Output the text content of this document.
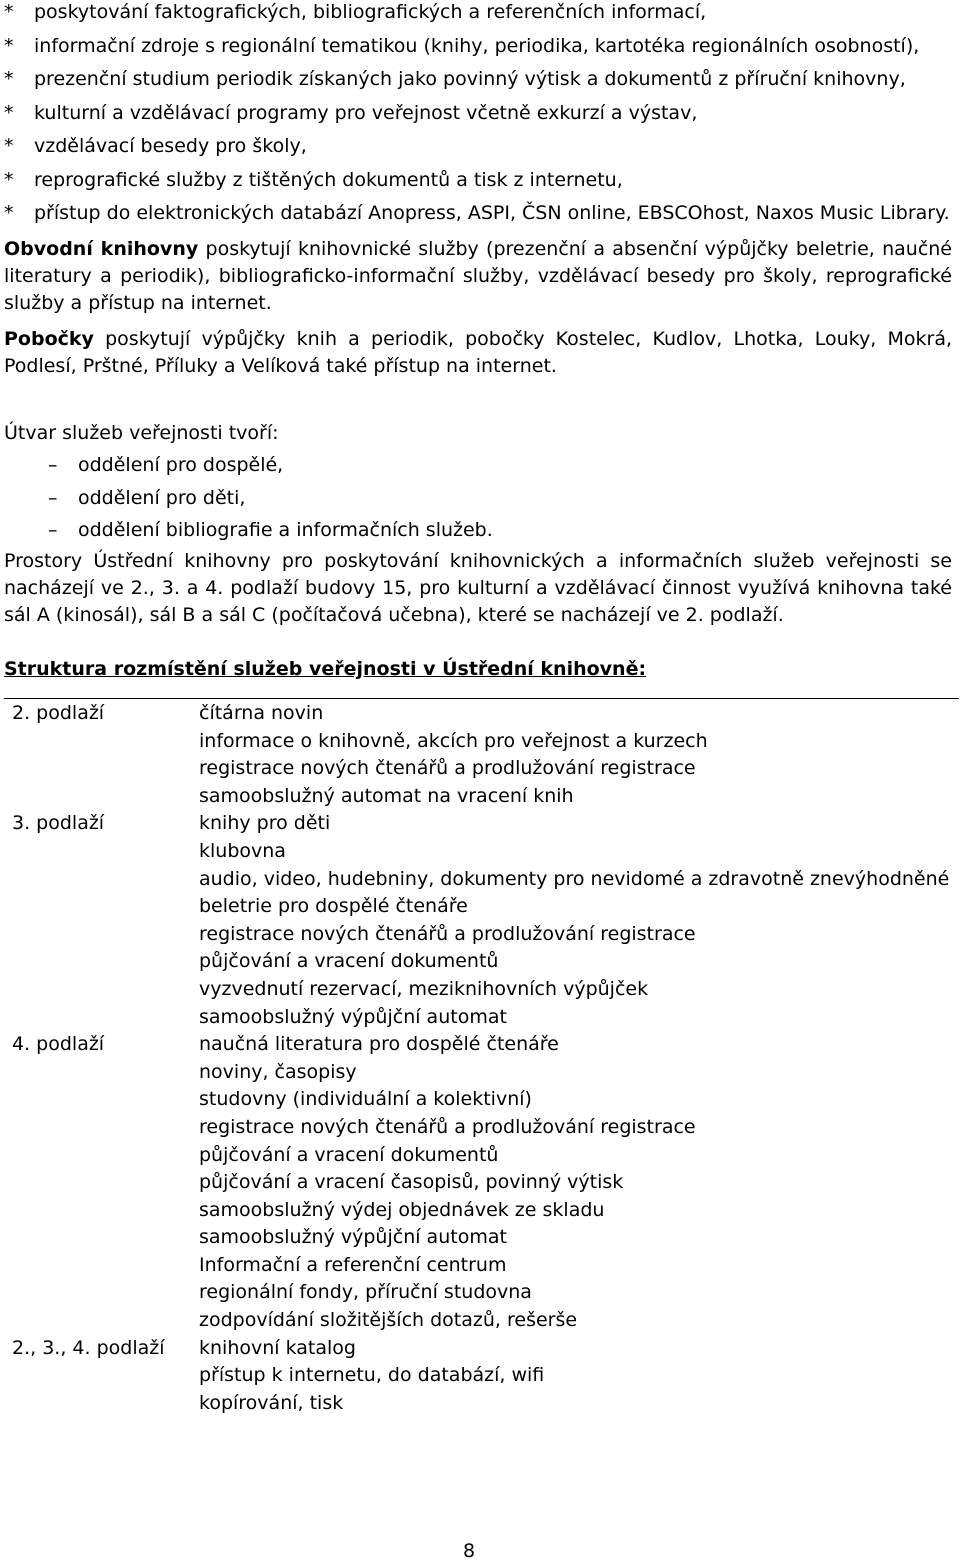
*	poskytování faktografických, bibliografických a referenčních informací,
*	informační zdroje s regionální tematikou (knihy, periodika, kartotéka regionálních osobností),
*	prezenční studium periodik získaných jako povinný výtisk a dokumentů z příruční knihovny,
*	kulturní a vzdělávací programy pro veřejnost včetně exkurzí a výstav,
*	vzdělávací besedy pro školy,
*	reprografické služby z tištěných dokumentů a tisk z internetu,
*	přístup do elektronických databází Anopress, ASPI, ČSN online, EBSCOhost, Naxos Music Library.
Obvodní knihovny poskytují knihovnické služby (prezenční a absenční výpůjčky beletrie, naučné literatury a periodik), bibliograficko-informační služby, vzdělávací besedy pro školy, reprografické služby a přístup na internet.
Pobočky poskytují výpůjčky knih a periodik, pobočky Kostelec, Kudlov, Lhotka, Louky, Mokrá, Podlesí, Prštné, Příluky a Velíková také přístup na internet.
Útvar služeb veřejnosti tvoří:
–	oddělení pro dospělé,
–	oddělení pro děti,
–	oddělení bibliografie a informačních služeb.
Prostory Ústřední knihovny pro poskytování knihovnických a informačních služeb veřejnosti se nacházejí ve 2., 3. a 4. podlaží budovy 15, pro kulturní a vzdělávací činnost využívá knihovna také sál A (kinosál), sál B a sál C (počítačová učebna), které se nacházejí ve 2. podlaží.
Struktura rozmístění služeb veřejnosti v Ústřední knihovně:
2. podlaží	čítárna novin
informace o knihovně, akcích pro veřejnost a kurzech
registrace nových čtenářů a prodlužování registrace
samoobslužný automat na vracení knih
3. podlaží	knihy pro děti
klubovna
audio, video, hudebniny, dokumenty pro nevidomé a zdravotně znevýhodněné
beletrie pro dospělé čtenáře
registrace nových čtenářů a prodlužování registrace
půjčování a vracení dokumentů
vyzvednutí rezervací, meziknihovních výpůjček
samoobslužný výpůjční automat
4. podlaží	naučná literatura pro dospělé čtenáře
noviny, časopisy
studovny (individuální a kolektivní)
registrace nových čtenářů a prodlužování registrace
půjčování a vracení dokumentů
půjčování a vracení časopisů, povinný výtisk
samoobslužný výdej objednávek ze skladu
samoobslužný výpůjční automat
Informační a referenční centrum
regionální fondy, příruční studovna
zodpovídání složitějších dotazů, rešerše
2., 3., 4. podlaží	knihovní katalog
přístup k internetu, do databází, wifi
kopírování, tisk
8
